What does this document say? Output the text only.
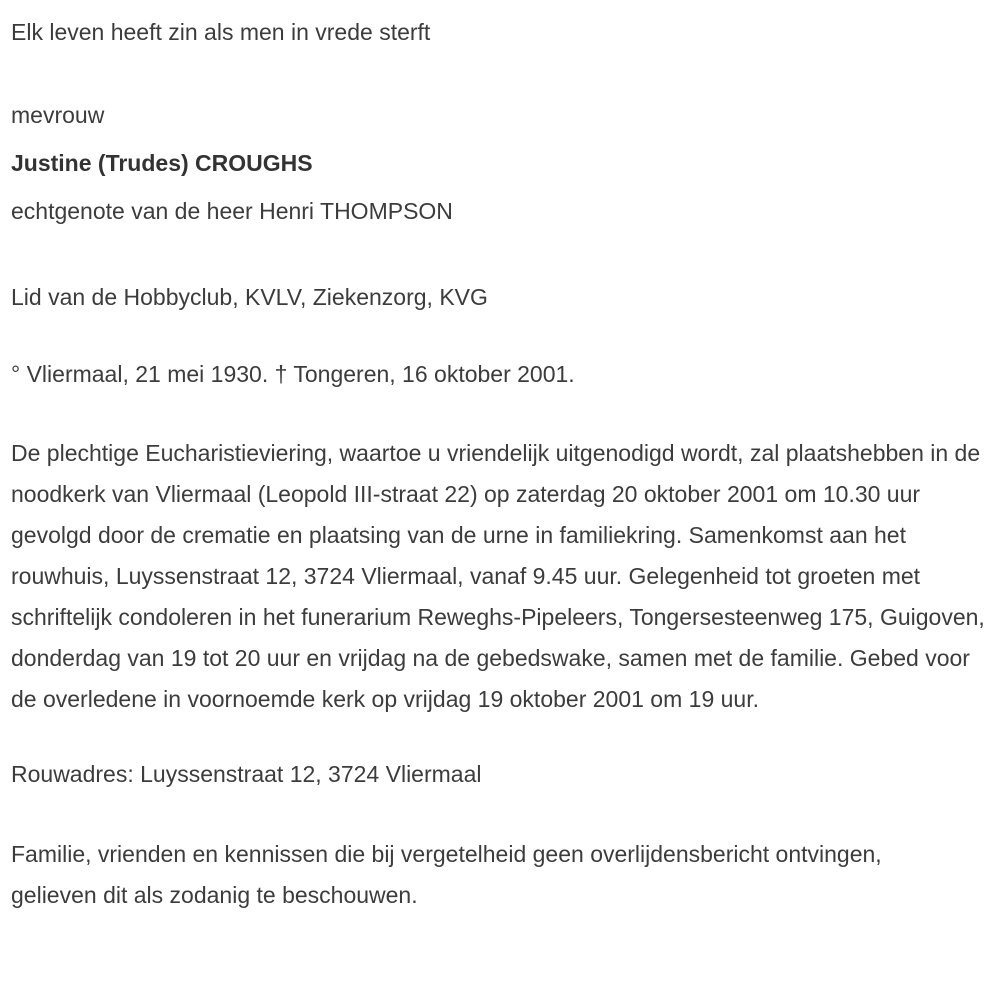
Elk leven heeft zin als men in vrede sterft

mevrouw
Justine (Trudes) CROUGHS
echtgenote van de heer Henri THOMPSON

Lid van de Hobbyclub, KVLV, Ziekenzorg, KVG

° Vliermaal, 21 mei 1930. † Tongeren, 16 oktober 2001.

De plechtige Eucharistieviering, waartoe u vriendelijk uitgenodigd wordt, zal plaatshebben in de noodkerk van Vliermaal (Leopold III-straat 22) op zaterdag 20 oktober 2001 om 10.30 uur gevolgd door de crematie en plaatsing van de urne in familiekring. Samenkomst aan het rouwhuis, Luyssenstraat 12, 3724 Vliermaal, vanaf 9.45 uur. Gelegenheid tot groeten met schriftelijk condoleren in het funerarium Reweghs-Pipeleers, Tongersesteenweg 175, Guigoven, donderdag van 19 tot 20 uur en vrijdag na de gebedswake, samen met de familie. Gebed voor de overledene in voornoemde kerk op vrijdag 19 oktober 2001 om 19 uur.

Rouwadres: Luyssenstraat 12, 3724 Vliermaal

Familie, vrienden en kennissen die bij vergetelheid geen overlijdensbericht ontvingen, gelieven dit als zodanig te beschouwen.
